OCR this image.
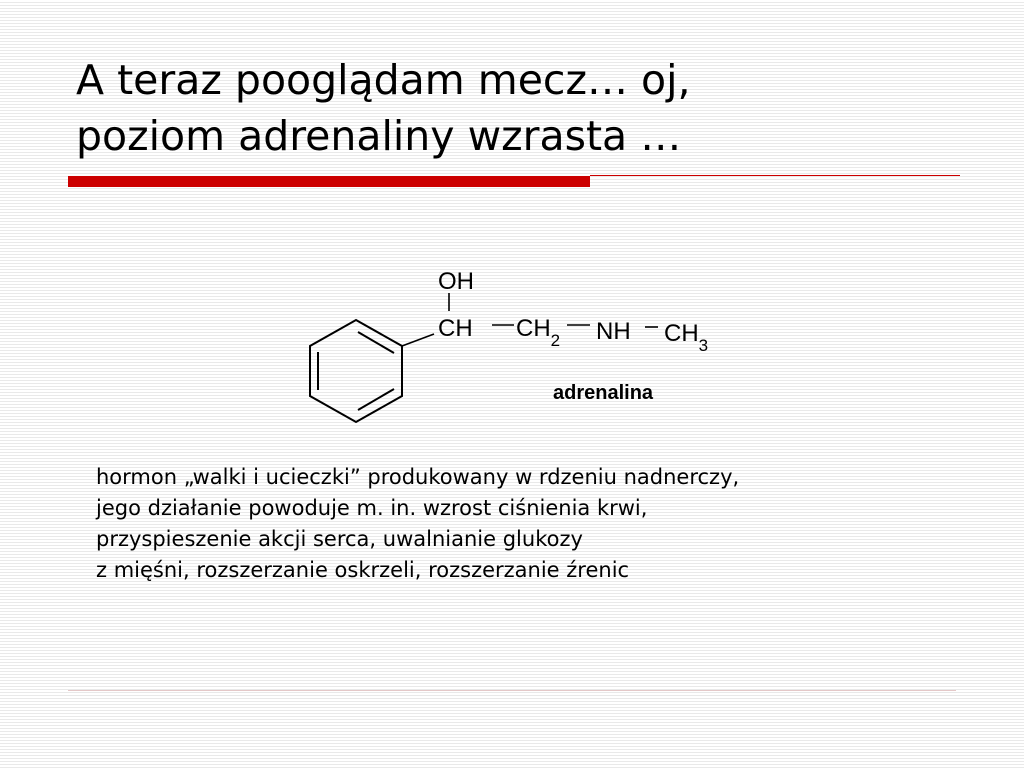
A teraz pooglądam mecz… oj,
poziom adrenaliny wzrasta …
OH
CH $CH_2$ NH $CH_3$
adrenalina

hormon „walki i ucieczki” produkowany w rdzeniu nadnerczy,
jego działanie powoduje m. in. wzrost ciśnienia krwi,
przyspieszenie akcji serca, uwalnianie glukozy
z mięśni, rozszerzanie oskrzeli, rozszerzanie źrenic
